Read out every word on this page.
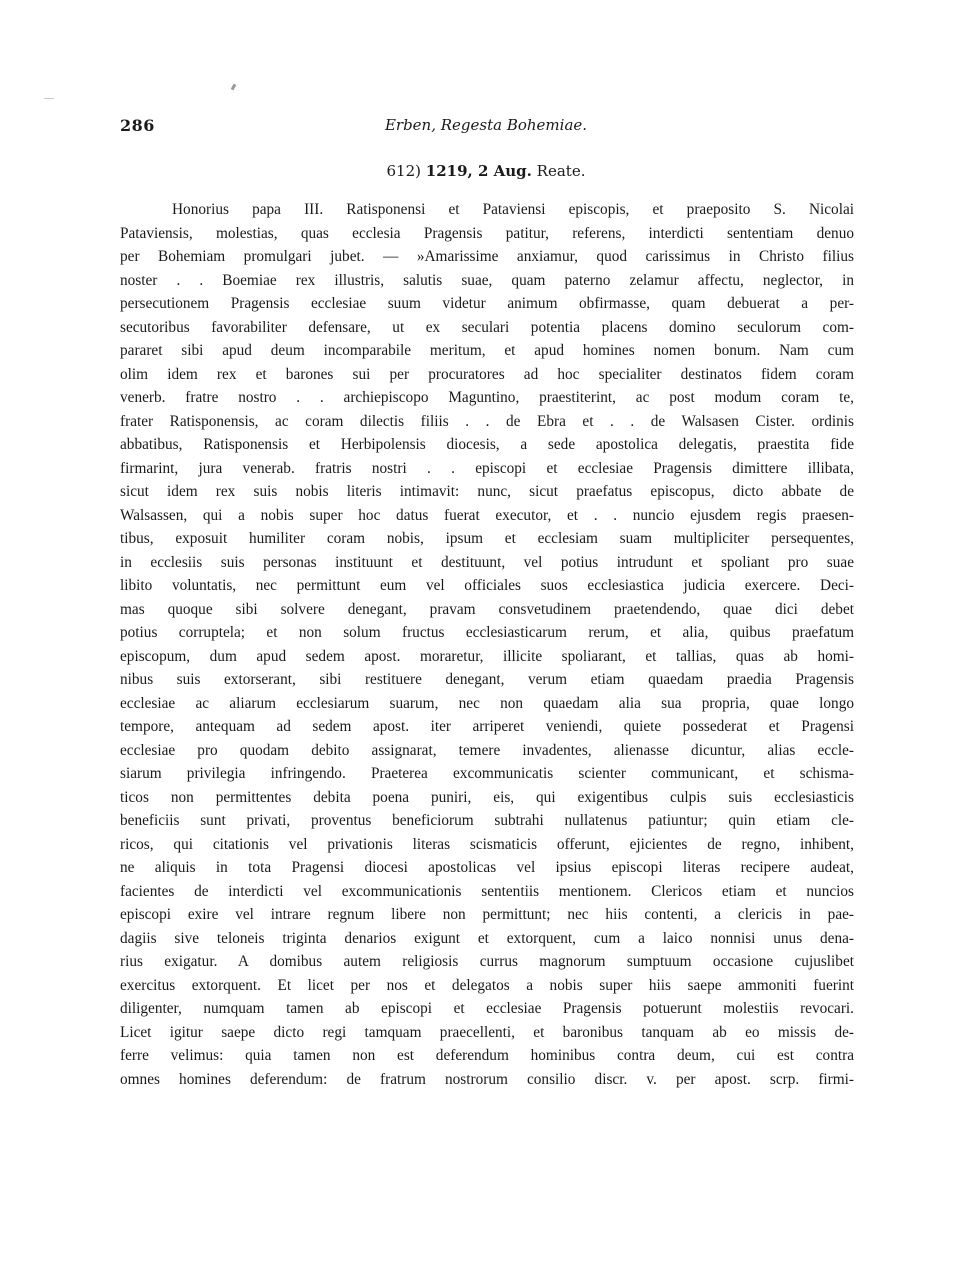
286	Erben, Regesta Bohemiae.
612) 1219, 2 Aug. Reate.
Honorius papa III. Ratisponensi et Pataviensi episcopis, et praeposito S. Nicolai
Pataviensis, molestias, quas ecclesia Pragensis patitur, referens, interdicti sententiam denuo
per Bohemiam promulgari jubet. — »Amarissime anxiamur, quod carissimus in Christo filius
noster . . Boemiae rex illustris, salutis suae, quam paterno zelamur affectu, neglector, in
persecutionem Pragensis ecclesiae suum videtur animum obfirmasse, quam debuerat a per-
secutoribus favorabiliter defensare, ut ex seculari potentia placens domino seculorum com-
pararet sibi apud deum incomparabile meritum, et apud homines nomen bonum. Nam cum
olim idem rex et barones sui per procuratores ad hoc specialiter destinatos fidem coram
venerb. fratre nostro . . archiepiscopo Maguntino, praestiterint, ac post modum coram te,
frater Ratisponensis, ac coram dilectis filiis . . de Ebra et . . de Walsasen Cister. ordinis
abbatibus, Ratisponensis et Herbipolensis diocesis, a sede apostolica delegatis, praestita fide
firmarint, jura venerab. fratris nostri . . episcopi et ecclesiae Pragensis dimittere illibata,
sicut idem rex suis nobis literis intimavit: nunc, sicut praefatus episcopus, dicto abbate de
Walsassen, qui a nobis super hoc datus fuerat executor, et . . nuncio ejusdem regis praesen-
tibus, exposuit humiliter coram nobis, ipsum et ecclesiam suam multipliciter persequentes,
in ecclesiis suis personas instituunt et destituunt, vel potius intrudunt et spoliant pro suae
libito voluntatis, nec permittunt eum vel officiales suos ecclesiastica judicia exercere. Deci-
mas quoque sibi solvere denegant, pravam consvetudinem praetendendo, quae dici debet
potius corruptela; et non solum fructus ecclesiasticarum rerum, et alia, quibus praefatum
episcopum, dum apud sedem apost. moraretur, illicite spoliarant, et tallias, quas ab homi-
nibus suis extorserant, sibi restituere denegant, verum etiam quaedam praedia Pragensis
ecclesiae ac aliarum ecclesiarum suarum, nec non quaedam alia sua propria, quae longo
tempore, antequam ad sedem apost. iter arriperet veniendi, quiete possederat et Pragensi
ecclesiae pro quodam debito assignarat, temere invadentes, alienasse dicuntur, alias eccle-
siarum privilegia infringendo. Praeterea excommunicatis scienter communicant, et schisma-
ticos non permittentes debita poena puniri, eis, qui exigentibus culpis suis ecclesiasticis
beneficiis sunt privati, proventus beneficiorum subtrahi nullatenus patiuntur; quin etiam cle-
ricos, qui citationis vel privationis literas scismaticis offerunt, ejicientes de regno, inhibent,
ne aliquis in tota Pragensi diocesi apostolicas vel ipsius episcopi literas recipere audeat,
facientes de interdicti vel excommunicationis sententiis mentionem. Clericos etiam et nuncios
episcopi exire vel intrare regnum libere non permittunt; nec hiis contenti, a clericis in pae-
dagiis sive teloneis triginta denarios exigunt et extorquent, cum a laico nonnisi unus dena-
rius exigatur. A domibus autem religiosis currus magnorum sumptuum occasione cujuslibet
exercitus extorquent. Et licet per nos et delegatos a nobis super hiis saepe ammoniti fuerint
diligenter, numquam tamen ab episcopi et ecclesiae Pragensis potuerunt molestiis revocari.
Licet igitur saepe dicto regi tamquam praecellenti, et baronibus tanquam ab eo missis de-
ferre velimus: quia tamen non est deferendum hominibus contra deum, cui est contra
omnes homines deferendum: de fratrum nostrorum consilio discr. v. per apost. scrp. firmi-
